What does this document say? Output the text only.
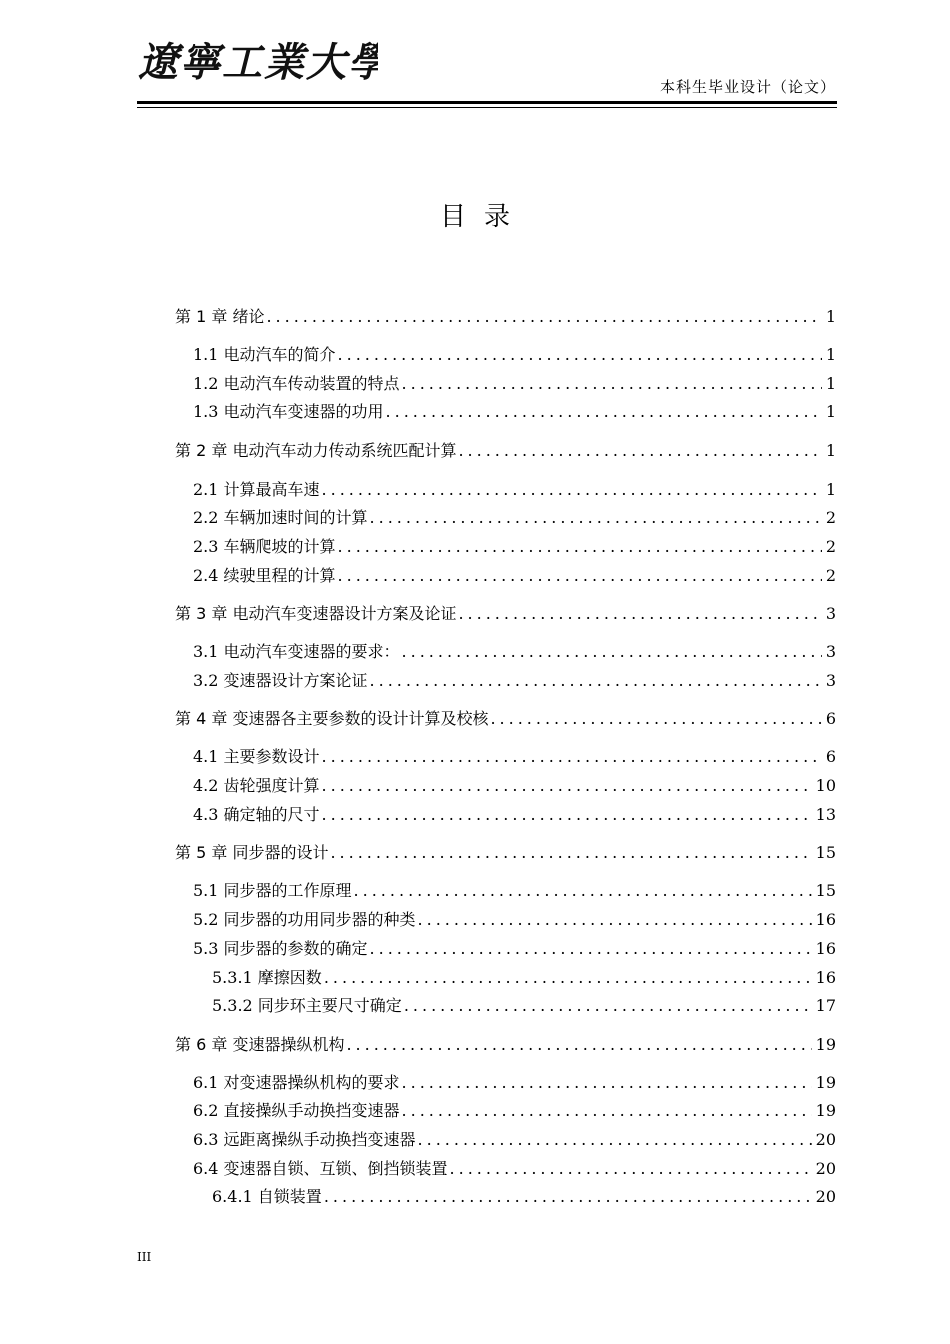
遼寧工業大學
本科生毕业设计（论文）
目录
第 1 章 绪论 .....	1
1.1 电动汽车的简介 .....	1
1.2 电动汽车传动装置的特点 .....	1
1.3 电动汽车变速器的功用 .....	1
第 2 章 电动汽车动力传动系统匹配计算 .....	1
2.1 计算最高车速 .....	1
2.2 车辆加速时间的计算 .....	2
2.3 车辆爬坡的计算 .....	2
2.4 续驶里程的计算 .....	2
第 3 章 电动汽车变速器设计方案及论证 .....	3
3.1 电动汽车变速器的要求： .....	3
3.2 变速器设计方案论证 .....	3
第 4 章 变速器各主要参数的设计计算及校核 .....	6
4.1 主要参数设计 .....	6
4.2 齿轮强度计算 .....	10
4.3 确定轴的尺寸 .....	13
第 5 章 同步器的设计 .....	15
5.1 同步器的工作原理 .....	15
5.2 同步器的功用同步器的种类 .....	16
5.3 同步器的参数的确定 .....	16
5.3.1 摩擦因数 .....	16
5.3.2 同步环主要尺寸确定 .....	17
第 6 章 变速器操纵机构 .....	19
6.1 对变速器操纵机构的要求 .....	19
6.2 直接操纵手动换挡变速器 .....	19
6.3 远距离操纵手动换挡变速器 .....	20
6.4 变速器自锁、互锁、倒挡锁装置 .....	20
6.4.1 自锁装置 .....	20
III
